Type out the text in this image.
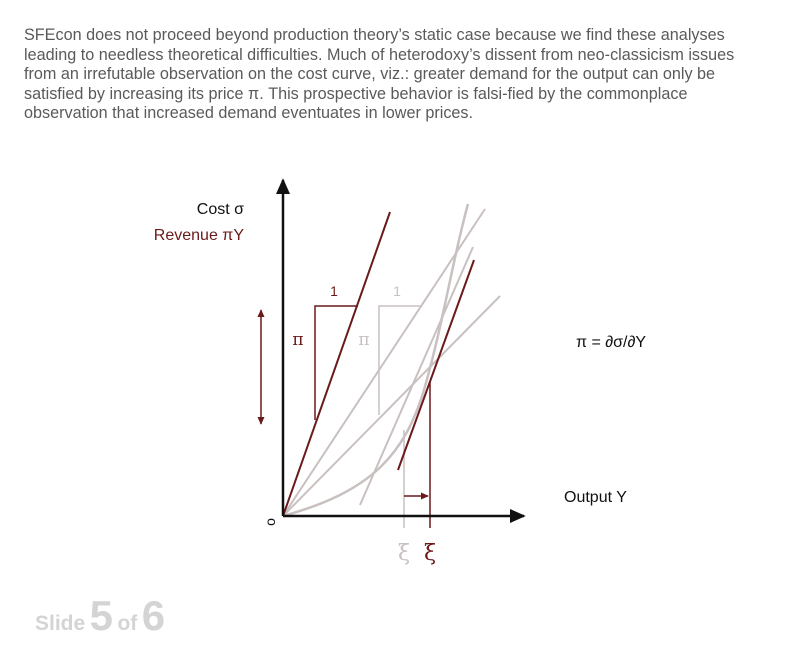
SFEcon does not proceed beyond production theory’s static case because we find these analyses leading to needless theoretical difficulties. Much of heterodoxy’s dissent from neo-classicism issues from an irrefutable observation on the cost curve, viz.: greater demand for the output can only be satisfied by increasing its price π. This prospective behavior is falsi-fied by the commonplace observation that increased demand eventuates in lower prices.
1
π
ξ
1
π
ξ
Cost σ
Revenue πY
Output Y
o
π = ∂σ/∂Y
Slide 5 of 6
